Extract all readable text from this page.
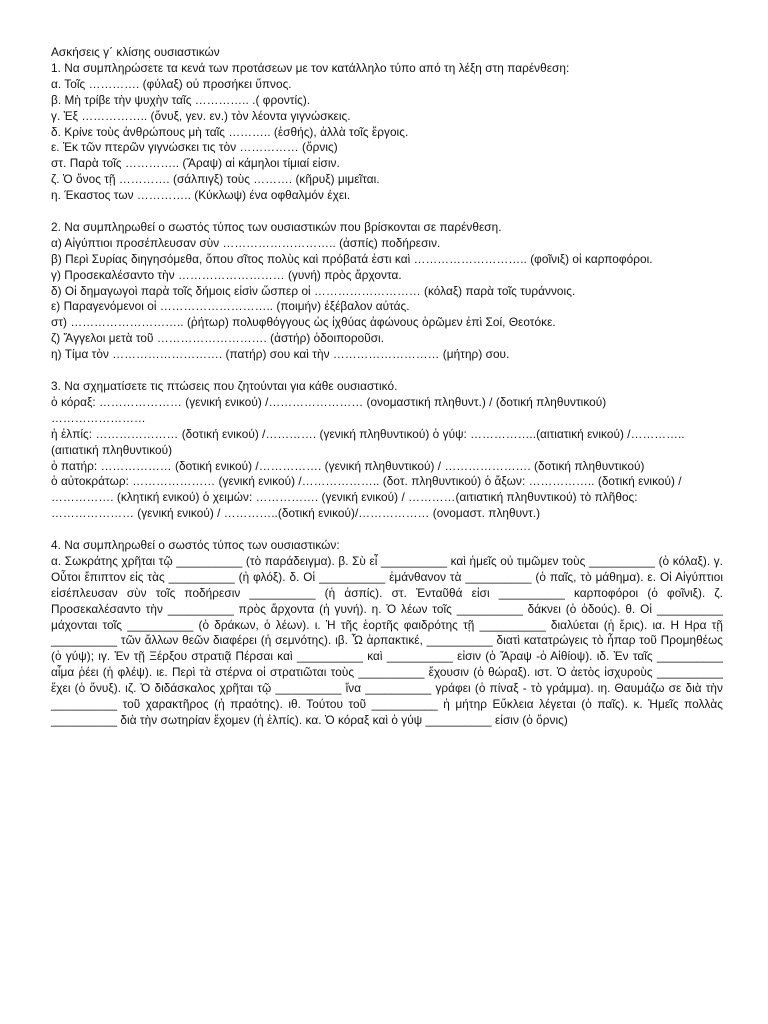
Ασκήσεις γ΄ κλίσης ουσιαστικών
1. Να συμπληρώσετε τα κενά των προτάσεων με τον κατάλληλο τύπο από τη λέξη στη παρένθεση:
α. Τοῖς …………. (φύλαξ) οὐ προσήκει ὕπνος.
β. Μὴ τρίβε τὴν ψυχὴν ταῖς ………….. .( φροντίς).
γ. Ἐξ …………….. (ὄνυξ, γεν. εν.) τὸν λέοντα γιγνώσκεις.
δ. Κρίνε τοὺς ἀνθρώπους μὴ ταῖς ……….. (ἐσθής), ἀλλὰ τοῖς ἔργοις.
ε. Ἐκ τῶν πτερῶν γιγνώσκει τις τὸν …………… (ὄρνις)
στ. Παρὰ τοῖς ………….. (Ἄραψ) αἱ κάμηλοι τίμιαί εἰσιν.
ζ. Ὁ ὄνος τῇ …………. (σάλπιγξ) τοὺς ………. (κῆρυξ) μιμεῖται.
η. Έκαστος των ………….. (Κύκλωψ) ένα οφθαλμόν έχει.
2. Να συμπληρωθεί ο σωστός τύπος των ουσιαστικών που βρίσκονται σε παρένθεση.
α) Αἰγύπτιοι προσέπλευσαν σὺν ……………………….. (ἀσπίς) ποδήρεσιν.
β) Περὶ Συρίας διηγησόμεθα, ὅπου σῖτος πολὺς καὶ πρόβατά ἐστι καὶ ……………………….. (φοῖνιξ) οἱ καρποφόροι.
γ) Προσεκαλέσαντο τὴν ……………………… (γυνή) πρὸς ἄρχοντα.
δ) Οἱ δημαγωγοὶ παρὰ τοῖς δήμοις εἰσὶν ὥσπερ οἱ ……………………… (κόλαξ) παρὰ τοῖς τυράννοις.
ε) Παραγενόμενοι οἱ ……………………….. (ποιμήν) ἐξέβαλον αὐτάς.
στ) ……………………….. (ῥήτωρ) πολυφθόγγους ὡς ἰχθύας ἀφώνους ὁρῶμεν ἐπὶ Σοί, Θεοτόκε.
ζ) Ἄγγελοι μετὰ τοῦ ………………………. (ἀστήρ) ὁδοιποροῦσι.
η) Τίμα τὸν ………………………. (πατήρ) σου καὶ τὴν ……………………… (μήτηρ) σου.
3. Να σχηματίσετε τις πτώσεις που ζητούνται για κάθε ουσιαστικό.
ὁ κόραξ: ………………… (γενική ενικού) /…………………… (ονομαστική πληθυντ.) / (δοτική πληθυντικού)
……………………
ἡ ἐλπίς: ………………… (δοτική ενικού) /…………. (γενική πληθυντικού) ὁ γύψ: ……………..(αιτιατική ενικού) /…………..
(αιτιατική πληθυντικού)
ὁ πατήρ: ……………… (δοτική ενικού) /……………. (γενική πληθυντικού) / …………………. (δοτική πληθυντικού)
ὁ αὐτοκράτωρ: ………………… (γενική ενικού) /……………….. (δοτ. πληθυντικού) ὁ ἄξων: …………….. (δοτική ενικού) /
……………. (κλητική ενικού) ὁ χειμών: ……………. (γενική ενικού) / …………(αιτιατική πληθυντικού) τὸ πλῆθος:
………………… (γενική ενικού) / …………..(δοτική ενικού)/……………… (ονομαστ. πληθυντ.)
4. Να συμπληρωθεί ο σωστός τύπος των ουσιαστικών:
α. Σωκράτης χρῆται τῷ __________ (τὸ παράδειγμα). β. Σὺ εἶ __________ καὶ ἡμεῖς οὐ τιμῶμεν τοὺς __________ (ὁ κόλαξ). γ. Οὗτοι ἔπιπτον εἰς τὰς __________ (ἡ φλόξ). δ. Οἱ __________ ἐμάνθανον τὰ __________ (ὁ παῖς, τὸ μάθημα). ε. Οἱ Αἰγύπτιοι εἰσέπλευσαν σὺν τοῖς ποδήρεσιν __________ (ἡ ἀσπίς). στ. Ἐνταῦθά εἰσι __________ καρποφόροι (ὁ φοῖνιξ). ζ. Προσεκαλέσαντο τὴν __________ πρὸς ἄρχοντα (ἡ γυνή). η. Ὁ λέων τοῖς __________ δάκνει (ὁ ὀδούς). θ. Οἱ __________ μάχονται τοῖς __________ (ὁ δράκων, ὁ λέων). ι. Ἡ τῆς ἑορτῆς φαιδρότης τῇ __________ διαλύεται (ἡ ἔρις). ια. Η Ηρα τῇ __________ τῶν ἄλλων θεῶν διαφέρει (ἡ σεμνότης). ιβ. Ὦ ἁρπακτικέ, __________ διατὶ κατατρώγεις τὸ ἧπαρ τοῦ Προμηθέως (ὁ γύψ); ιγ. Ἐν τῇ Ξέρξου στρατιᾷ Πέρσαι καὶ __________ καὶ __________ εἰσιν (ὁ Ἄραψ -ὁ Αἰθίοψ). ιδ. Ἐν ταῖς __________ αἷμα ῥέει (ἡ φλέψ). ιε. Περὶ τὰ στέρνα οἱ στρατιῶται τοὺς __________ ἔχουσιν (ὁ θώραξ). ιστ. Ὁ ἀετὸς ἰσχυροὺς __________ ἔχει (ὁ ὄνυξ). ιζ. Ὁ διδάσκαλος χρῆται τῷ __________ ἵνα __________ γράφει (ὁ πίναξ - τὸ γράμμα). ιη. Θαυμάζω σε διὰ τὴν __________ τοῦ χαρακτῆρος (ἡ πραότης). ιθ. Τούτου τοῦ __________ ἡ μήτηρ Εὔκλεια λέγεται (ὁ παῖς). κ. Ἡμεῖς πολλὰς __________ διὰ τὴν σωτηρίαν ἔχομεν (ἡ ἐλπίς). κα. Ὁ κόραξ καὶ ὁ γύψ __________ εἰσιν (ὁ ὄρνις)
